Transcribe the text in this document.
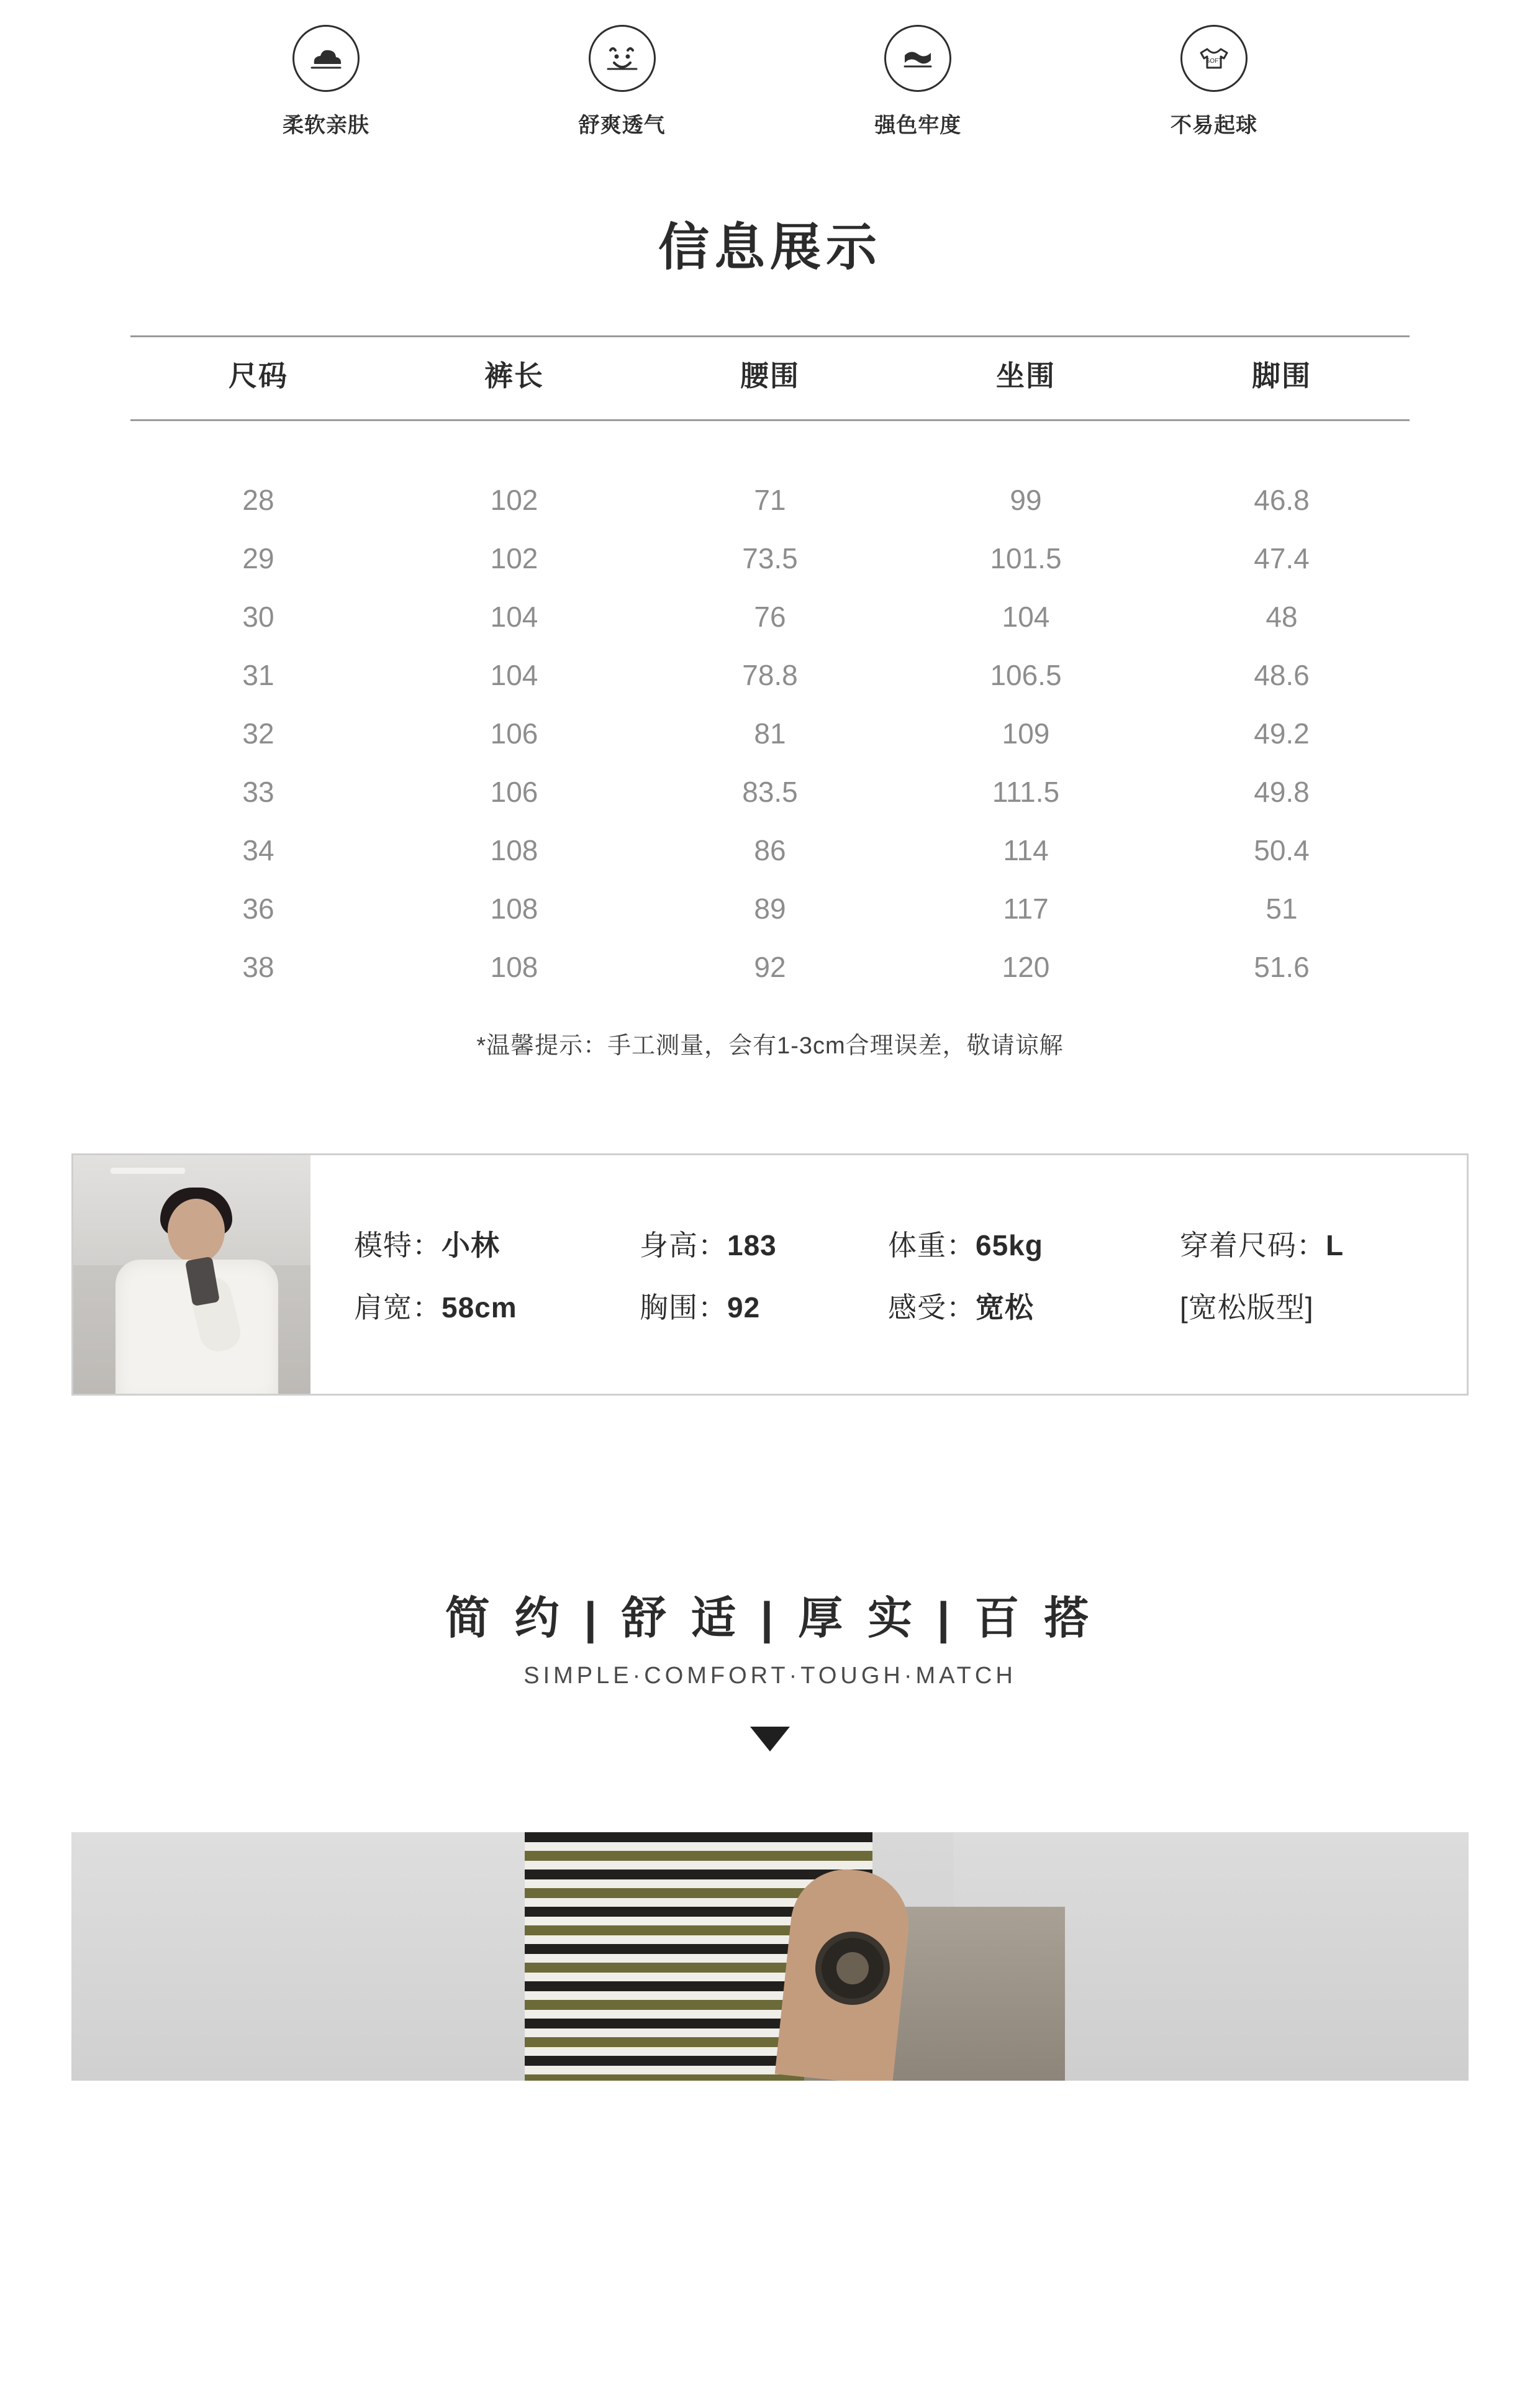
柔软亲肤	舒爽透气	强色牢度
SOFT
不易起球
信息展示
尺码	裤长	腰围	坐围	脚围
28	102	71	99	46.8
29	102	73.5	101.5	47.4
30	104	76	104	48
31	104	78.8	106.5	48.6
32	106	81	109	49.2
33	106	83.5	111.5	49.8
34	108	86	114	50.4
36	108	89	117	51
38	108	92	120	51.6
*温馨提示：手工测量，会有1-3cm合理误差，敬请谅解
模特：小林	身高：183	体重：65kg	穿着尺码：L
肩宽：58cm	胸围：92	感受：宽松	[宽松版型]
简 约 | 舒 适 | 厚 实 | 百 搭
SIMPLE·COMFORT·TOUGH·MATCH
